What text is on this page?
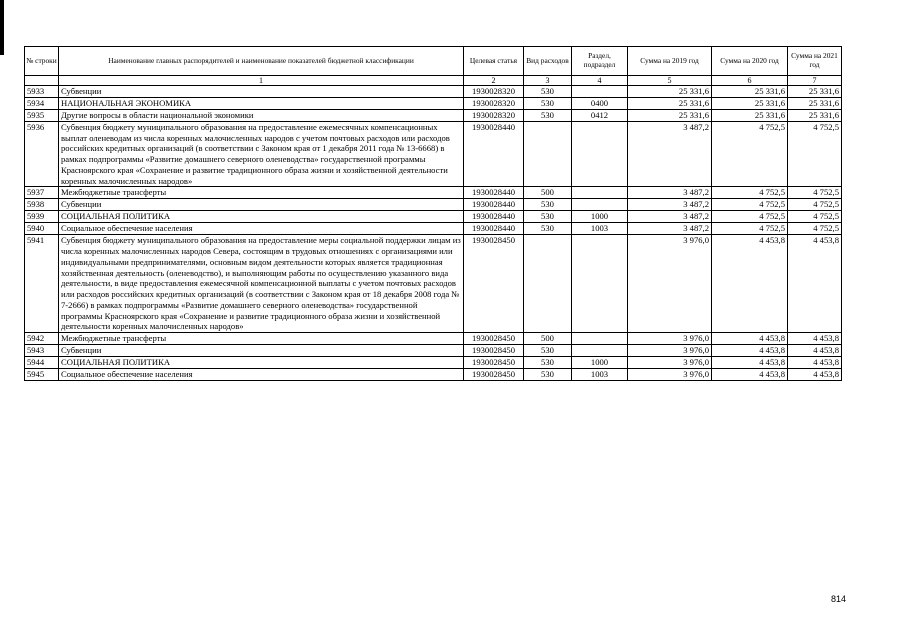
№ строки	Наименование главных распорядителей и наименование показателей бюджетной классификации	Целевая статья	Вид расходов	Раздел, подраздел	Сумма на 2019 год	Сумма на 2020 год	Сумма на 2021 год
	1	2	3	4	5	6	7
5933	Субвенции	1930028320	530		25 331,6	25 331,6	25 331,6
5934	НАЦИОНАЛЬНАЯ ЭКОНОМИКА	1930028320	530	0400	25 331,6	25 331,6	25 331,6
5935	Другие вопросы в области национальной экономики	1930028320	530	0412	25 331,6	25 331,6	25 331,6
5936	Субвенция бюджету муниципального образования на предоставление ежемесячных компенсационных выплат оленеводам из числа коренных малочисленных народов с учетом почтовых расходов или расходов российских кредитных организаций (в соответствии с Законом края от 1 декабря 2011 года № 13-6668) в рамках подпрограммы «Развитие домашнего северного оленеводства» государственной программы Красноярского края «Сохранение и развитие традиционного образа жизни и хозяйственной деятельности коренных малочисленных народов»	1930028440			3 487,2	4 752,5	4 752,5
5937	Межбюджетные трансферты	1930028440	500		3 487,2	4 752,5	4 752,5
5938	Субвенции	1930028440	530		3 487,2	4 752,5	4 752,5
5939	СОЦИАЛЬНАЯ ПОЛИТИКА	1930028440	530	1000	3 487,2	4 752,5	4 752,5
5940	Социальное обеспечение населения	1930028440	530	1003	3 487,2	4 752,5	4 752,5
5941	Субвенция бюджету муниципального образования на предоставление меры социальной поддержки лицам из числа коренных малочисленных народов Севера, состоящим в трудовых отношениях с организациями или индивидуальными предпринимателями, основным видом деятельности которых является традиционная хозяйственная деятельность (оленеводство), и выполняющим работы по осуществлению указанного вида деятельности, в виде предоставления ежемесячной компенсационной выплаты с учетом почтовых расходов или расходов российских кредитных организаций (в соответствии с Законом края от 18 декабря 2008 года № 7-2666) в рамках подпрограммы «Развитие домашнего северного оленеводства» государственной программы Красноярского края «Сохранение и развитие традиционного образа жизни и хозяйственной деятельности коренных малочисленных народов»	1930028450			3 976,0	4 453,8	4 453,8
5942	Межбюджетные трансферты	1930028450	500		3 976,0	4 453,8	4 453,8
5943	Субвенции	1930028450	530		3 976,0	4 453,8	4 453,8
5944	СОЦИАЛЬНАЯ ПОЛИТИКА	1930028450	530	1000	3 976,0	4 453,8	4 453,8
5945	Социальное обеспечение населения	1930028450	530	1003	3 976,0	4 453,8	4 453,8
814
